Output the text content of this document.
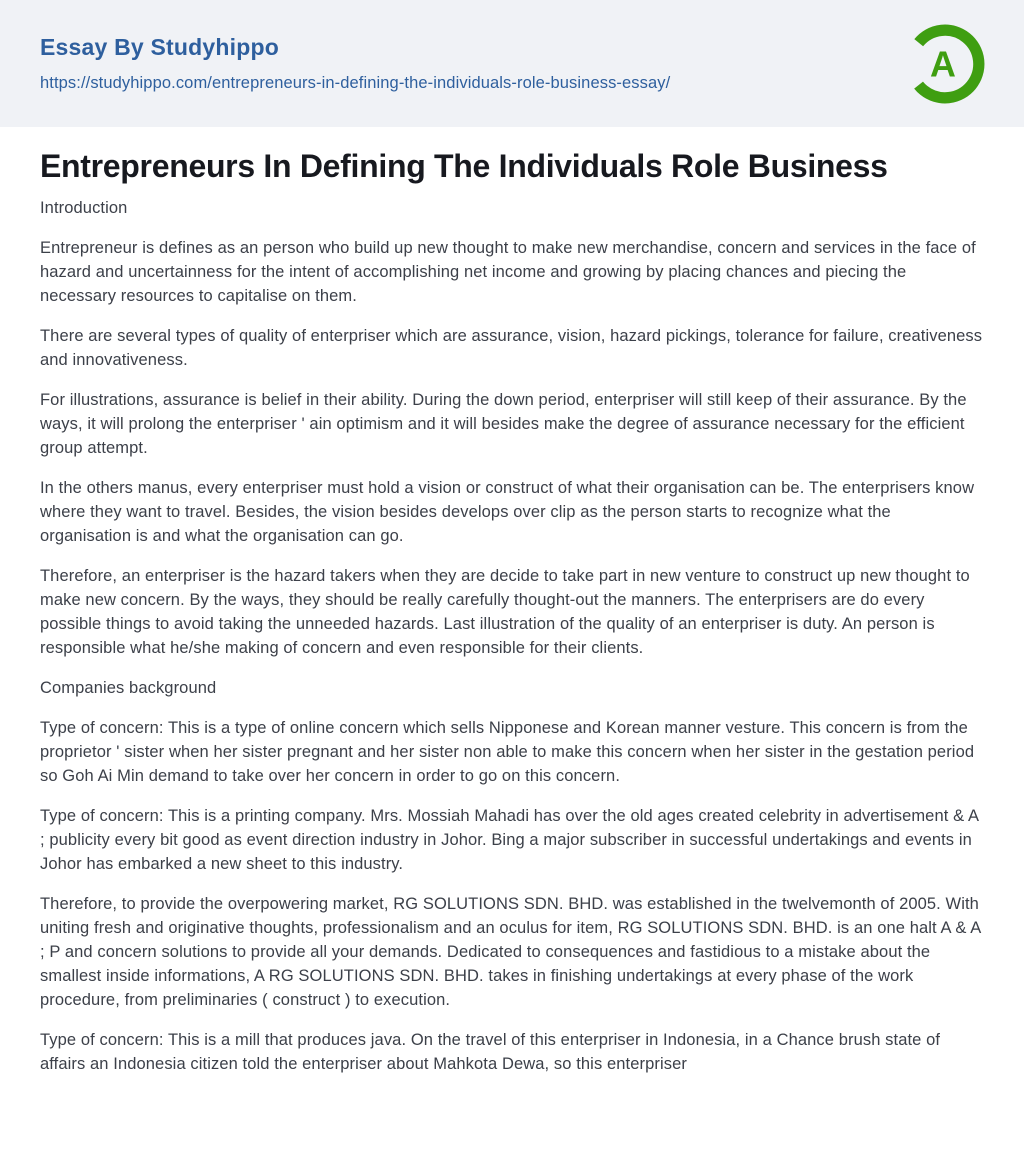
Essay By Studyhippo
https://studyhippo.com/entrepreneurs-in-defining-the-individuals-role-business-essay/	A
Entrepreneurs In Defining The Individuals Role Business

Introduction

Entrepreneur is defines as an person who build up new thought to make new merchandise, concern and services in the face of hazard and uncertainness for the intent of accomplishing net income and growing by placing chances and piecing the necessary resources to capitalise on them.

There are several types of quality of enterpriser which are assurance, vision, hazard pickings, tolerance for failure, creativeness and innovativeness.

For illustrations, assurance is belief in their ability. During the down period, enterpriser will still keep of their assurance. By the ways, it will prolong the enterpriser ' ain optimism and it will besides make the degree of assurance necessary for the efficient group attempt.

In the others manus, every enterpriser must hold a vision or construct of what their organisation can be. The enterprisers know where they want to travel. Besides, the vision besides develops over clip as the person starts to recognize what the organisation is and what the organisation can go.

Therefore, an enterpriser is the hazard takers when they are decide to take part in new venture to construct up new thought to make new concern. By the ways, they should be really carefully thought-out the manners. The enterprisers are do every possible things to avoid taking the unneeded hazards. Last illustration of the quality of an enterpriser is duty. An person is responsible what he/she making of concern and even responsible for their clients.

Companies background

Type of concern: This is a type of online concern which sells Nipponese and Korean manner vesture. This concern is from the proprietor ' sister when her sister pregnant and her sister non able to make this concern when her sister in the gestation period so Goh Ai Min demand to take over her concern in order to go on this concern.

Type of concern: This is a printing company. Mrs. Mossiah Mahadi has over the old ages created celebrity in advertisement & A ; publicity every bit good as event direction industry in Johor. Bing a major subscriber in successful undertakings and events in Johor has embarked a new sheet to this industry.

Therefore, to provide the overpowering market, RG SOLUTIONS SDN. BHD. was established in the twelvemonth of 2005. With uniting fresh and originative thoughts, professionalism and an oculus for item, RG SOLUTIONS SDN. BHD. is an one halt A & A ; P and concern solutions to provide all your demands. Dedicated to consequences and fastidious to a mistake about the smallest inside informations, A RG SOLUTIONS SDN. BHD. takes in finishing undertakings at every phase of the work procedure, from preliminaries ( construct ) to execution.

Type of concern: This is a mill that produces java. On the travel of this enterpriser in Indonesia, in a Chance brush state of affairs an Indonesia citizen told the enterpriser about Mahkota Dewa, so this enterpriser
